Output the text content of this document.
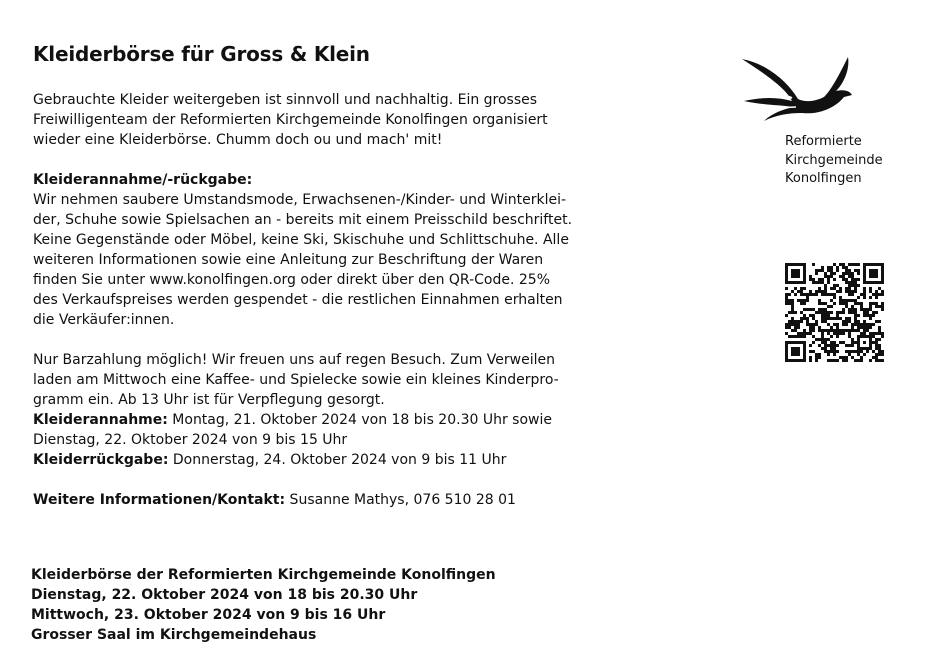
Kleiderbörse für Gross & Klein
Gebrauchte Kleider weitergeben ist sinnvoll und nachhaltig. Ein grosses
Freiwilligenteam der Reformierten Kirchgemeinde Konolfingen organisiert
wieder eine Kleiderbörse. Chumm doch ou und mach' mit!
Kleiderannahme/-rückgabe:
Wir nehmen saubere Umstandsmode, Erwachsenen-/Kinder- und Winterklei-
der, Schuhe sowie Spielsachen an - bereits mit einem Preisschild beschriftet.
Keine Gegenstände oder Möbel, keine Ski, Skischuhe und Schlittschuhe. Alle
weiteren Informationen sowie eine Anleitung zur Beschriftung der Waren
finden Sie unter www.konolfingen.org oder direkt über den QR-Code. 25%
des Verkaufspreises werden gespendet - die restlichen Einnahmen erhalten
die Verkäufer:innen.
Nur Barzahlung möglich! Wir freuen uns auf regen Besuch. Zum Verweilen
laden am Mittwoch eine Kaffee- und Spielecke sowie ein kleines Kinderpro-
gramm ein. Ab 13 Uhr ist für Verpflegung gesorgt.
Kleiderannahme: Montag, 21. Oktober 2024 von 18 bis 20.30 Uhr sowie
Dienstag, 22. Oktober 2024 von 9 bis 15 Uhr
Kleiderrückgabe: Donnerstag, 24. Oktober 2024 von 9 bis 11 Uhr
Weitere Informationen/Kontakt: Susanne Mathys, 076 510 28 01
Kleiderbörse der Reformierten Kirchgemeinde Konolfingen
Dienstag, 22. Oktober 2024 von 18 bis 20.30 Uhr
Mittwoch, 23. Oktober 2024 von 9 bis 16 Uhr
Grosser Saal im Kirchgemeindehaus
Reformierte
Kirchgemeinde
Konolfingen
